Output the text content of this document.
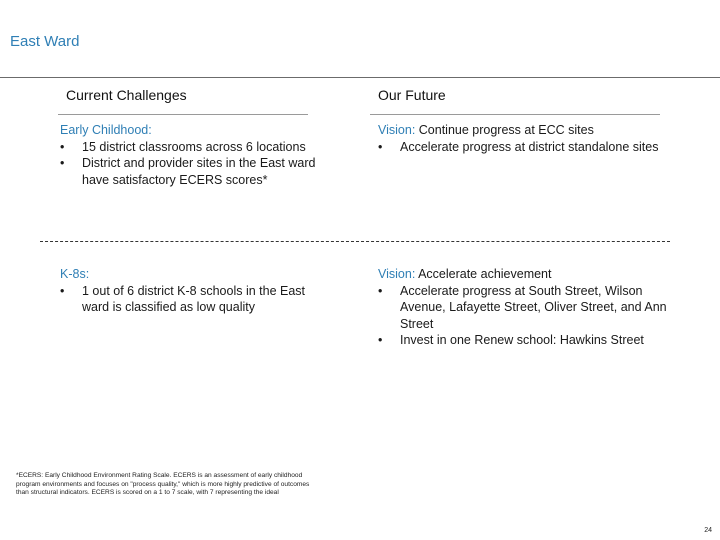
East Ward
Current Challenges	Our Future
Early Childhood:
• 15 district classrooms across 6 locations
• District and provider sites in the East ward have satisfactory ECERS scores*
Vision: Continue progress at ECC sites
• Accelerate progress at district standalone sites
K-8s:
• 1 out of 6 district K-8 schools in the East ward is classified as low quality
Vision: Accelerate achievement
• Accelerate progress at South Street, Wilson Avenue, Lafayette Street, Oliver Street, and Ann Street
• Invest in one Renew school: Hawkins Street
*ECERS: Early Childhood Environment Rating Scale. ECERS is an assessment of early childhood program environments and focuses on "process quality," which is more highly predictive of outcomes than structural indicators. ECERS is scored on a 1 to 7 scale, with 7 representing the ideal
24
